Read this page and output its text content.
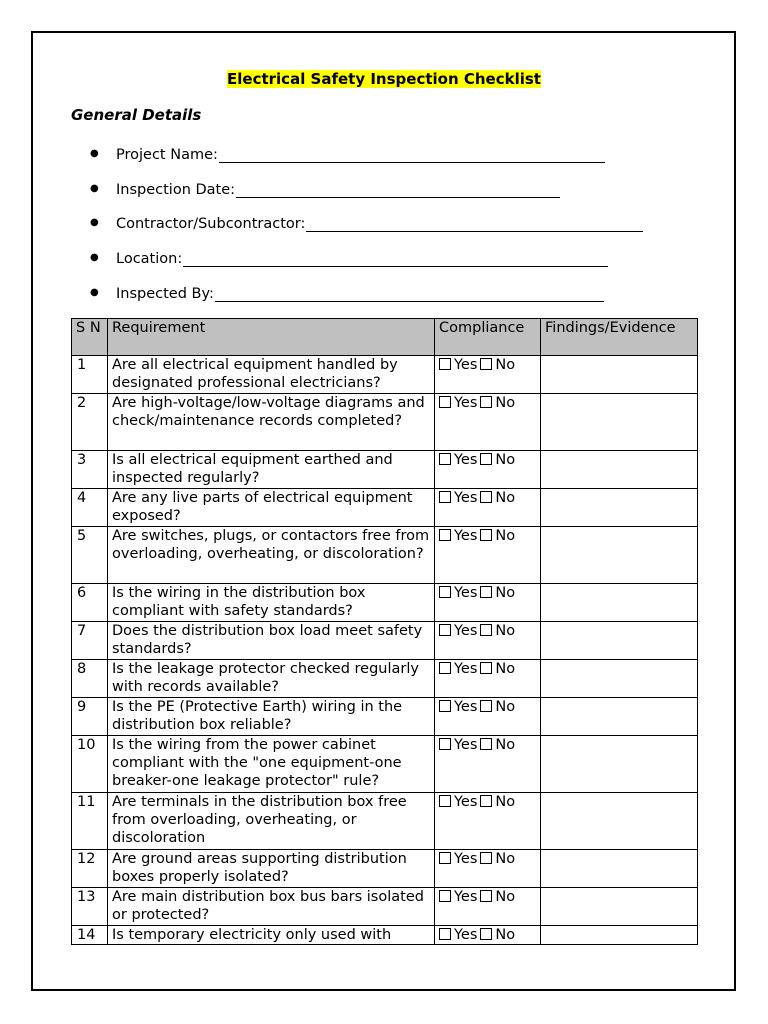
Electrical Safety Inspection Checklist
General Details
●	Project Name:
●	Inspection Date:
●	Contractor/Subcontractor:
●	Location:
●	Inspected By:
S N	Requirement	Compliance	Findings/Evidence
1	Are all electrical equipment handled by designated professional electricians?	Yes No	
2	Are high-voltage/low-voltage diagrams and check/maintenance records completed?	Yes No	
3	Is all electrical equipment earthed and inspected regularly?	Yes No	
4	Are any live parts of electrical equipment exposed?	Yes No	
5	Are switches, plugs, or contactors free from overloading, overheating, or discoloration?	Yes No	
6	Is the wiring in the distribution box compliant with safety standards?	Yes No	
7	Does the distribution box load meet safety standards?	Yes No	
8	Is the leakage protector checked regularly with records available?	Yes No	
9	Is the PE (Protective Earth) wiring in the distribution box reliable?	Yes No	
10	Is the wiring from the power cabinet compliant with the "one equipment-one breaker-one leakage protector" rule?	Yes No	
11	Are terminals in the distribution box free from overloading, overheating, or discoloration	Yes No	
12	Are ground areas supporting distribution boxes properly isolated?	Yes No	
13	Are main distribution box bus bars isolated or protected?	Yes No	
14	Is temporary electricity only used with	Yes No	
